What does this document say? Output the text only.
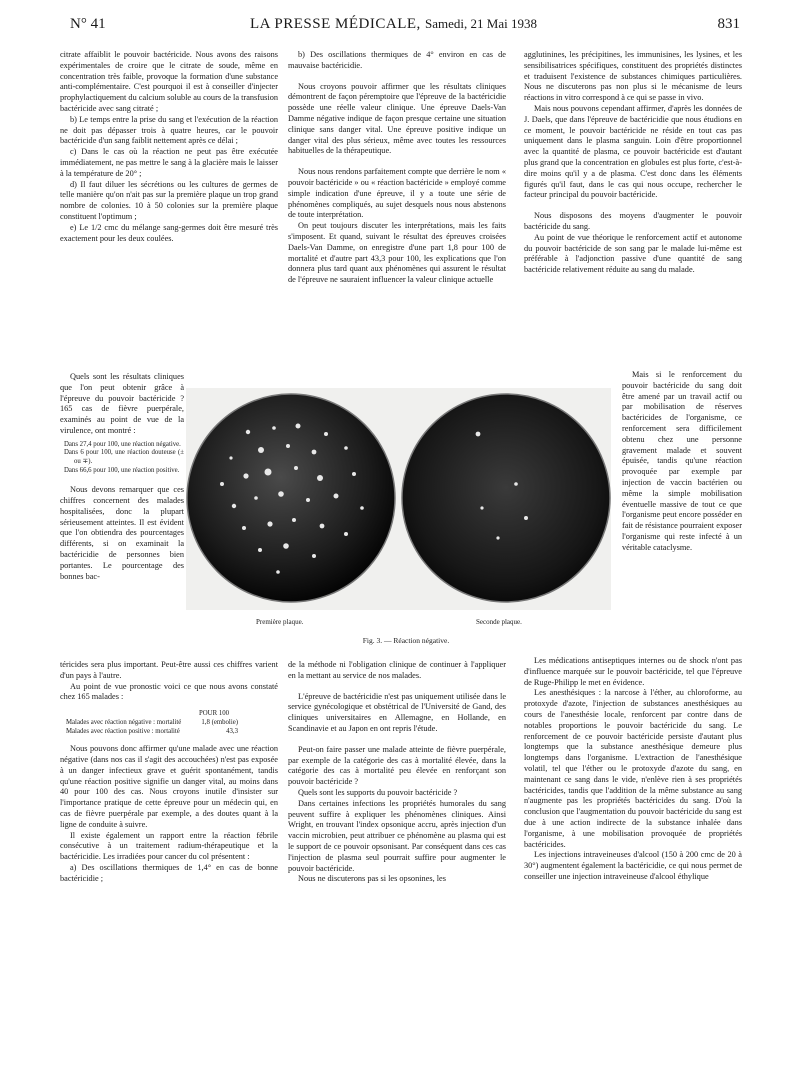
N° 41	LA PRESSE MÉDICALE, Samedi, 21 Mai 1938	831

citrate affaiblit le pouvoir bactéricide. Nous avons des raisons expérimentales de croire que le citrate de soude, même en concentration très faible, provoque la formation d'une substance anti-complémentaire. C'est pourquoi il est à conseiller d'injecter prophylactiquement du calcium soluble au cours de la transfusion bactéricide avec sang citraté ;

b) Le temps entre la prise du sang et l'exécution de la réaction ne doit pas dépasser trois à quatre heures, car le pouvoir bactéricide d'un sang faiblit nettement après ce délai ;

c) Dans le cas où la réaction ne peut pas être exécutée immédiatement, ne pas mettre le sang à la glacière mais le laisser à la température de 20° ;

d) Il faut diluer les sécrétions ou les cultures de germes de telle manière qu'on n'ait pas sur la première plaque un trop grand nombre de colonies. 10 à 50 colonies sur la première plaque constituent l'optimum ;

e) Le 1/2 cmc du mélange sang-germes doit être mesuré très exactement pour les deux coulées.

b) Des oscillations thermiques de 4° environ en cas de mauvaise bactéricidie.

Nous croyons pouvoir affirmer que les résultats cliniques démontrent de façon péremptoire que l'épreuve de la bactéricidie possède une réelle valeur clinique. Une épreuve Daels-Van Damme négative indique de façon presque certaine une situation clinique sans danger vital. Une épreuve positive indique un danger vital des plus sérieux, même avec toutes les ressources habituelles de la thérapeutique.

Nous nous rendons parfaitement compte que derrière le nom « pouvoir bactéricide » ou « réaction bactéricide » employé comme simple indication d'une épreuve, il y a toute une série de phénomènes compliqués, au sujet desquels nous nous abstenons de toute interprétation.

On peut toujours discuter les interprétations, mais les faits s'imposent. Et quand, suivant le résultat des épreuves croisées Daels-Van Damme, on enregistre d'une part 1,8 pour 100 de mortalité et d'autre part 43,3 pour 100, les explications que l'on donnera plus tard quant aux phénomènes qui assurent le résultat de l'épreuve ne sauraient influencer la valeur clinique actuelle

agglutinines, les précipitines, les immunisines, les lysines, et les sensibilisatrices spécifiques, constituent des propriétés distinctes et traduisent l'existence de substances chimiques particulières. Nous ne discuterons pas non plus si le mécanisme de leurs réactions in vitro correspond à ce qui se passe in vivo.

Mais nous pouvons cependant affirmer, d'après les données de J. Daels, que dans l'épreuve de bactéricidie que nous étudions en ce moment, le pouvoir bactéricide ne réside en tout cas pas uniquement dans le plasma sanguin. Loin d'être proportionnel avec la quantité de plasma, ce pouvoir bactéricide est d'autant plus grand que la concentration en globules est plus forte, c'est-à-dire moins qu'il y a de plasma. C'est donc dans les éléments figurés qu'il faut, dans le cas qui nous occupe, rechercher le facteur principal du pouvoir bactéricide.

Nous disposons des moyens d'augmenter le pouvoir bactéricide du sang.

Au point de vue théorique le renforcement actif et autonome du pouvoir bactéricide de son sang par le malade lui-même est préférable à l'adjonction passive d'une quantité de sang bactéricide relativement réduite au sang du malade.

Quels sont les résultats cliniques que l'on peut obtenir grâce à l'épreuve du pouvoir bactéricide ? 165 cas de fièvre puerpérale, examinés au point de vue de la virulence, ont montré :

Dans 27,4 pour 100, une réaction négative.
Dans 6 pour 100, une réaction douteuse (± ou ∓).
Dans 66,6 pour 100, une réaction positive.

Nous devons remarquer que ces chiffres concernent des malades hospitalisées, donc la plupart sérieusement atteintes. Il est évident que l'on obtiendra des pourcentages différents, si on examinait la bactéricidie de personnes bien portantes. Le pourcentage des bonnes bac-

Mais si le renforcement du pouvoir bactéricide du sang doit être amené par un travail actif ou par mobilisation de réserves bactéricides de l'organisme, ce renforcement sera difficilement obtenu chez une personne gravement malade et souvent épuisée, tandis qu'une réaction provoquée par exemple par injection de vaccin bactérien ou même la simple mobilisation éventuelle massive de tout ce que l'organisme peut encore posséder en fait de résistance pourraient exposer l'organisme qui reste infecté à un véritable cataclysme.

Première plaque.	Seconde plaque.
Fig. 3. — Réaction négative.

téricides sera plus important. Peut-être aussi ces chiffres varient d'un pays à l'autre.

Au point de vue pronostic voici ce que nous avons constaté chez 165 malades :

POUR 100
Malades avec réaction négative : mortalité	1,8 (embolie)
Malades avec réaction positive : mortalité	43,3

Nous pouvons donc affirmer qu'une malade avec une réaction négative (dans nos cas il s'agit des accouchées) n'est pas exposée à un danger infectieux grave et guérit spontanément, tandis qu'une réaction positive signifie un danger vital, au moins dans 40 pour 100 des cas. Nous croyons inutile d'insister sur l'importance pratique de cette épreuve pour un médecin qui, en cas de fièvre puerpérale par exemple, a des doutes quant à la ligne de conduite à suivre.

Il existe également un rapport entre la réaction fébrile consécutive à un traitement radium-thérapeutique et la bactéricidie. Les irradiées pour cancer du col présentent :

a) Des oscillations thermiques de 1,4° en cas de bonne bactéricidie ;

de la méthode ni l'obligation clinique de continuer à l'appliquer en la mettant au service de nos malades.

L'épreuve de bactéricidie n'est pas uniquement utilisée dans le service gynécologique et obstétrical de l'Université de Gand, des cliniques universitaires en Allemagne, en Hollande, en Scandinavie et au Japon en ont repris l'étude.

Peut-on faire passer une malade atteinte de fièvre puerpérale, par exemple de la catégorie des cas à mortalité élevée, dans la catégorie des cas à mortalité peu élevée en renforçant son pouvoir bactéricide ?

Quels sont les supports du pouvoir bactéricide ?

Dans certaines infections les propriétés humorales du sang peuvent suffire à expliquer les phénomènes cliniques. Ainsi Wright, en trouvant l'index opsonique accru, après injection d'un vaccin microbien, peut attribuer ce phénomène au plasma qui est le support de ce pouvoir opsonisant. Par conséquent dans ces cas l'injection de plasma seul pourrait suffire pour augmenter le pouvoir bactéricide.

Nous ne discuterons pas si les opsonines, les

Les médications antiseptiques internes ou de shock n'ont pas d'influence marquée sur le pouvoir bactéricide, tel que l'épreuve de Ruge-Philipp le met en évidence.

Les anesthésiques : la narcose à l'éther, au chloroforme, au protoxyde d'azote, l'injection de substances anesthésiques au cours de l'anesthésie locale, renforcent par contre dans de notables proportions le pouvoir bactéricide du sang. Le renforcement de ce pouvoir bactéricide persiste d'autant plus longtemps que la substance anesthésique demeure plus longtemps dans l'organisme. L'extraction de l'anesthésique volatil, tel que l'éther ou le protoxyde d'azote du sang, en maintenant ce sang dans le vide, n'enlève rien à ses propriétés bactéricides, tandis que l'addition de la même substance au sang n'augmente pas les propriétés bactéricides du sang. D'où la conclusion que l'augmentation du pouvoir bactéricide du sang est due à une action indirecte de la substance inhalée dans l'organisme, à une mobilisation provoquée de propriétés bactéricides.

Les injections intraveineuses d'alcool (150 à 200 cmc de 20 à 30°) augmentent également la bactéricidie, ce qui nous permet de conseiller une injection intraveineuse d'alcool éthylique
